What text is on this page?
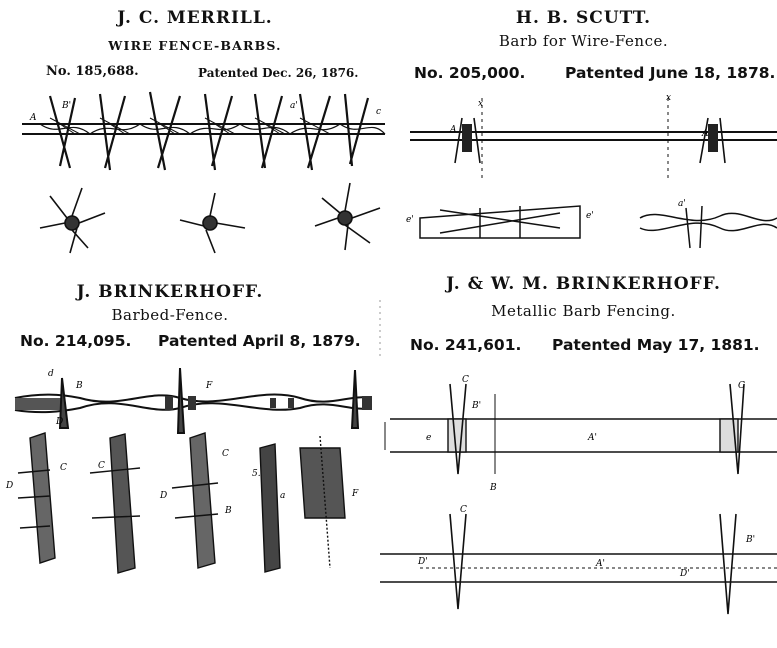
J. C. MERRILL.
WIRE FENCE-BARBS.
No. 185,688.	Patented Dec. 26, 1876.
A
c
B'	a'
H. B. SCUTT.
Barb for Wire-Fence.
No. 205,000.	Patented June 18, 1878.
x
x
A	A
e'	e'
a'
J. BRINKERHOFF.
Barbed-Fence.
No. 214,095. Patented April 8, 1879.
d
B
D
F
C	C
C
D
D
B
5.
a	F
J. & W. M. BRINKERHOFF.
Metallic Barb Fencing.
No. 241,601. Patented May 17, 1881.
C
C
e	A'
B'
B
C
D'	A'
D'
B'
